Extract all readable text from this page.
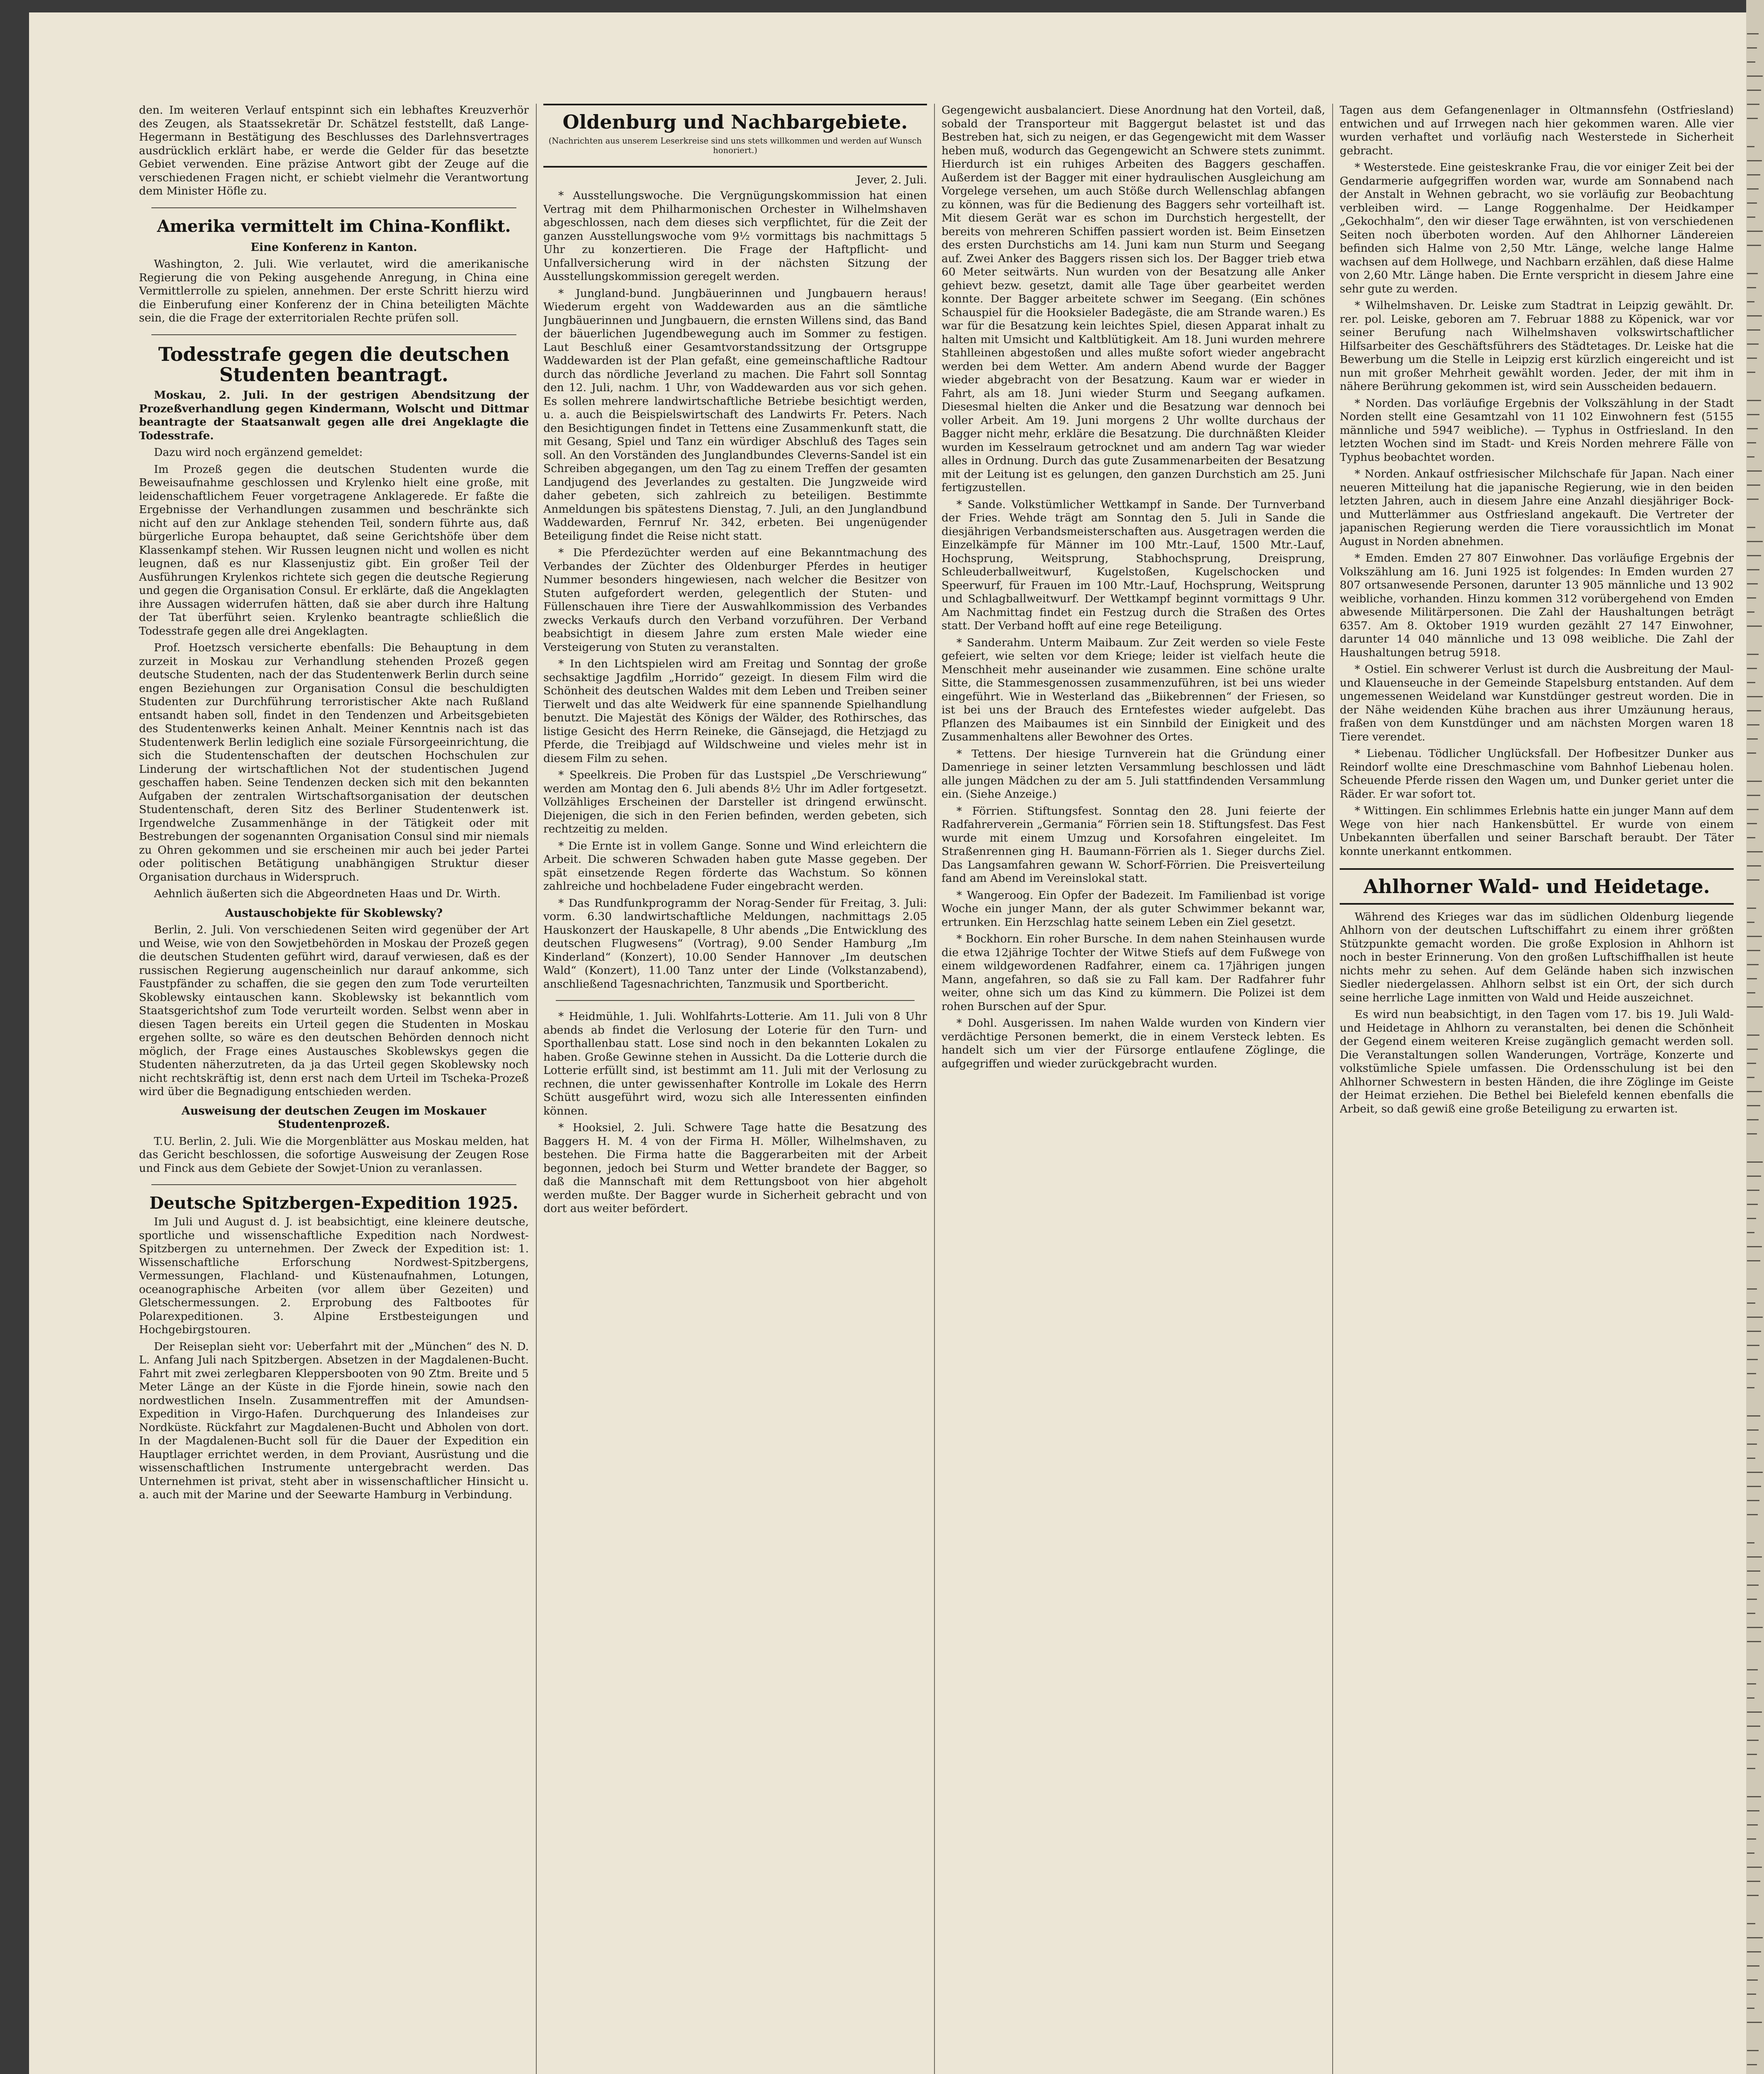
den. Im weiteren Verlauf entspinnt sich ein lebhaftes Kreuzverhör des Zeugen, als Staatssekretär Dr. Schätzel feststellt, daß Lange-Hegermann in Bestätigung des Beschlusses des Darlehnsvertrages ausdrücklich erklärt habe, er werde die Gelder für das besetzte Gebiet verwenden. Eine präzise Antwort gibt der Zeuge auf die verschiedenen Fragen nicht, er schiebt vielmehr die Verantwortung dem Minister Höfle zu.

Amerika vermittelt im China-Konflikt.
Eine Konferenz in Kanton.

Washington, 2. Juli. Wie verlautet, wird die amerikanische Regierung die von Peking ausgehende Anregung, in China eine Vermittlerrolle zu spielen, annehmen. Der erste Schritt hierzu wird die Einberufung einer Konferenz der in China beteiligten Mächte sein, die die Frage der exterritorialen Rechte prüfen soll.

Todesstrafe gegen die deutschen Studenten beantragt.

Moskau, 2. Juli. In der gestrigen Abendsitzung der Prozeßverhandlung gegen Kindermann, Wolscht und Dittmar beantragte der Staatsanwalt gegen alle drei Angeklagte die Todesstrafe.

Dazu wird noch ergänzend gemeldet:

Im Prozeß gegen die deutschen Studenten wurde die Beweisaufnahme geschlossen und Krylenko hielt eine große, mit leidenschaftlichem Feuer vorgetragene Anklagerede. Er faßte die Ergebnisse der Verhandlungen zusammen und beschränkte sich nicht auf den zur Anklage stehenden Teil, sondern führte aus, daß bürgerliche Europa behauptet, daß seine Gerichtshöfe über dem Klassenkampf stehen. Wir Russen leugnen nicht und wollen es nicht leugnen, daß es nur Klassenjustiz gibt. Ein großer Teil der Ausführungen Krylenkos richtete sich gegen die deutsche Regierung und gegen die Organisation Consul. Er erklärte, daß die Angeklagten ihre Aussagen widerrufen hätten, daß sie aber durch ihre Haltung der Tat überführt seien. Krylenko beantragte schließlich die Todesstrafe gegen alle drei Angeklagten.

Prof. Hoetzsch versicherte ebenfalls: Die Behauptung in dem zurzeit in Moskau zur Verhandlung stehenden Prozeß gegen deutsche Studenten, nach der das Studentenwerk Berlin durch seine engen Beziehungen zur Organisation Consul die beschuldigten Studenten zur Durchführung terroristischer Akte nach Rußland entsandt haben soll, findet in den Tendenzen und Arbeitsgebieten des Studentenwerks keinen Anhalt. Meiner Kenntnis nach ist das Studentenwerk Berlin lediglich eine soziale Fürsorgeeinrichtung, die sich die Studentenschaften der deutschen Hochschulen zur Linderung der wirtschaftlichen Not der studentischen Jugend geschaffen haben. Seine Tendenzen decken sich mit den bekannten Aufgaben der zentralen Wirtschaftsorganisation der deutschen Studentenschaft, deren Sitz des Berliner Studentenwerk ist. Irgendwelche Zusammenhänge in der Tätigkeit oder mit Bestrebungen der sogenannten Organisation Consul sind mir niemals zu Ohren gekommen und sie erscheinen mir auch bei jeder Partei oder politischen Betätigung unabhängigen Struktur dieser Organisation durchaus in Widerspruch.

Aehnlich äußerten sich die Abgeordneten Haas und Dr. Wirth.

Austauschobjekte für Skoblewsky?

Berlin, 2. Juli. Von verschiedenen Seiten wird gegenüber der Art und Weise, wie von den Sowjetbehörden in Moskau der Prozeß gegen die deutschen Studenten geführt wird, darauf verwiesen, daß es der russischen Regierung augenscheinlich nur darauf ankomme, sich Faustpfänder zu schaffen, die sie gegen den zum Tode verurteilten Skoblewsky eintauschen kann. Skoblewsky ist bekanntlich vom Staatsgerichtshof zum Tode verurteilt worden. Selbst wenn aber in diesen Tagen bereits ein Urteil gegen die Studenten in Moskau ergehen sollte, so wäre es den deutschen Behörden dennoch nicht möglich, der Frage eines Austausches Skoblewskys gegen die Studenten näherzutreten, da ja das Urteil gegen Skoblewsky noch nicht rechtskräftig ist, denn erst nach dem Urteil im Tscheka-Prozeß wird über die Begnadigung entschieden werden.

Ausweisung der deutschen Zeugen im Moskauer Studentenprozeß.

T.U. Berlin, 2. Juli. Wie die Morgenblätter aus Moskau melden, hat das Gericht beschlossen, die sofortige Ausweisung der Zeugen Rose und Finck aus dem Gebiete der Sowjet-Union zu veranlassen.

Deutsche Spitzbergen-Expedition 1925.

Im Juli und August d. J. ist beabsichtigt, eine kleinere deutsche, sportliche und wissenschaftliche Expedition nach Nordwest-Spitzbergen zu unternehmen. Der Zweck der Expedition ist: 1. Wissenschaftliche Erforschung Nordwest-Spitzbergens, Vermessungen, Flachland- und Küstenaufnahmen, Lotungen, oceanographische Arbeiten (vor allem über Gezeiten) und Gletschermessungen. 2. Erprobung des Faltbootes für Polarexpeditionen. 3. Alpine Erstbesteigungen und Hochgebirgstouren.

Der Reiseplan sieht vor: Ueberfahrt mit der „München“ des N. D. L. Anfang Juli nach Spitzbergen. Absetzen in der Magdalenen-Bucht. Fahrt mit zwei zerlegbaren Kleppersbooten von 90 Ztm. Breite und 5 Meter Länge an der Küste in die Fjorde hinein, sowie nach den nordwestlichen Inseln. Zusammentreffen mit der Amundsen-Expedition in Virgo-Hafen. Durchquerung des Inlandeises zur Nordküste. Rückfahrt zur Magdalenen-Bucht und Abholen von dort. In der Magdalenen-Bucht soll für die Dauer der Expedition ein Hauptlager errichtet werden, in dem Proviant, Ausrüstung und die wissenschaftlichen Instrumente untergebracht werden. Das Unternehmen ist privat, steht aber in wissenschaftlicher Hinsicht u. a. auch mit der Marine und der Seewarte Hamburg in Verbindung.

Oldenburg und Nachbargebiete.
(Nachrichten aus unserem Leserkreise sind uns stets willkommen und werden auf Wunsch honoriert.)
Jever, 2. Juli.

* Ausstellungswoche. Die Vergnügungskommission hat einen Vertrag mit dem Philharmonischen Orchester in Wilhelmshaven abgeschlossen, nach dem dieses sich verpflichtet, für die Zeit der ganzen Ausstellungswoche vom 9½ vormittags bis nachmittags 5 Uhr zu konzertieren. Die Frage der Haftpflicht- und Unfallversicherung wird in der nächsten Sitzung der Ausstellungskommission geregelt werden.

* Jungland-bund. Jungbäuerinnen und Jungbauern heraus! Wiederum ergeht von Waddewarden aus an die sämtliche Jungbäuerinnen und Jungbauern, die ernsten Willens sind, das Band der bäuerlichen Jugendbewegung auch im Sommer zu festigen. Laut Beschluß einer Gesamtvorstandssitzung der Ortsgruppe Waddewarden ist der Plan gefaßt, eine gemeinschaftliche Radtour durch das nördliche Jeverland zu machen. Die Fahrt soll Sonntag den 12. Juli, nachm. 1 Uhr, von Waddewarden aus vor sich gehen. Es sollen mehrere landwirtschaftliche Betriebe besichtigt werden, u. a. auch die Beispielswirtschaft des Landwirts Fr. Peters. Nach den Besichtigungen findet in Tettens eine Zusammenkunft statt, die mit Gesang, Spiel und Tanz ein würdiger Abschluß des Tages sein soll. An den Vorständen des Junglandbundes Cleverns-Sandel ist ein Schreiben abgegangen, um den Tag zu einem Treffen der gesamten Landjugend des Jeverlandes zu gestalten. Die Jungzweide wird daher gebeten, sich zahlreich zu beteiligen. Bestimmte Anmeldungen bis spätestens Dienstag, 7. Juli, an den Junglandbund Waddewarden, Fernruf Nr. 342, erbeten. Bei ungenügender Beteiligung findet die Reise nicht statt.

* Die Pferdezüchter werden auf eine Bekanntmachung des Verbandes der Züchter des Oldenburger Pferdes in heutiger Nummer besonders hingewiesen, nach welcher die Besitzer von Stuten aufgefordert werden, gelegentlich der Stuten- und Füllenschauen ihre Tiere der Auswahlkommission des Verbandes zwecks Verkaufs durch den Verband vorzuführen. Der Verband beabsichtigt in diesem Jahre zum ersten Male wieder eine Versteigerung von Stuten zu veranstalten.

* In den Lichtspielen wird am Freitag und Sonntag der große sechsaktige Jagdfilm „Horrido“ gezeigt. In diesem Film wird die Schönheit des deutschen Waldes mit dem Leben und Treiben seiner Tierwelt und das alte Weidwerk für eine spannende Spielhandlung benutzt. Die Majestät des Königs der Wälder, des Rothirsches, das listige Gesicht des Herrn Reineke, die Gänsejagd, die Hetzjagd zu Pferde, die Treibjagd auf Wildschweine und vieles mehr ist in diesem Film zu sehen.

* Speelkreis. Die Proben für das Lustspiel „De Verschriewung“ werden am Montag den 6. Juli abends 8½ Uhr im Adler fortgesetzt. Vollzähliges Erscheinen der Darsteller ist dringend erwünscht. Diejenigen, die sich in den Ferien befinden, werden gebeten, sich rechtzeitig zu melden.

* Die Ernte ist in vollem Gange. Sonne und Wind erleichtern die Arbeit. Die schweren Schwaden haben gute Masse gegeben. Der spät einsetzende Regen förderte das Wachstum. So können zahlreiche und hochbeladene Fuder eingebracht werden.

* Das Rundfunkprogramm der Norag-Sender für Freitag, 3. Juli: vorm. 6.30 landwirtschaftliche Meldungen, nachmittags 2.05 Hauskonzert der Hauskapelle, 8 Uhr abends „Die Entwicklung des deutschen Flugwesens“ (Vortrag), 9.00 Sender Hamburg „Im Kinderland“ (Konzert), 10.00 Sender Hannover „Im deutschen Wald“ (Konzert), 11.00 Tanz unter der Linde (Volkstanzabend), anschließend Tagesnachrichten, Tanzmusik und Sportbericht.

* Heidmühle, 1. Juli. Wohlfahrts-Lotterie. Am 11. Juli von 8 Uhr abends ab findet die Verlosung der Loterie für den Turn- und Sporthallenbau statt. Lose sind noch in den bekannten Lokalen zu haben. Große Gewinne stehen in Aussicht. Da die Lotterie durch die Lotterie erfüllt sind, ist bestimmt am 11. Juli mit der Verlosung zu rechnen, die unter gewissenhafter Kontrolle im Lokale des Herrn Schütt ausgeführt wird, wozu sich alle Interessenten einfinden können.

* Hooksiel, 2. Juli. Schwere Tage hatte die Besatzung des Baggers H. M. 4 von der Firma H. Möller, Wilhelmshaven, zu bestehen. Die Firma hatte die Baggerarbeiten mit der Arbeit begonnen, jedoch bei Sturm und Wetter brandete der Bagger, so daß die Mannschaft mit dem Rettungsboot von hier abgeholt werden mußte. Der Bagger wurde in Sicherheit gebracht und von dort aus weiter befördert.

Gegengewicht ausbalanciert. Diese Anordnung hat den Vorteil, daß, sobald der Transporteur mit Baggergut belastet ist und das Bestreben hat, sich zu neigen, er das Gegengewicht mit dem Wasser heben muß, wodurch das Gegengewicht an Schwere stets zunimmt. Hierdurch ist ein ruhiges Arbeiten des Baggers geschaffen. Außerdem ist der Bagger mit einer hydraulischen Ausgleichung am Vorgelege versehen, um auch Stöße durch Wellenschlag abfangen zu können, was für die Bedienung des Baggers sehr vorteilhaft ist. Mit diesem Gerät war es schon im Durchstich hergestellt, der bereits von mehreren Schiffen passiert worden ist. Beim Einsetzen des ersten Durchstichs am 14. Juni kam nun Sturm und Seegang auf. Zwei Anker des Baggers rissen sich los. Der Bagger trieb etwa 60 Meter seitwärts. Nun wurden von der Besatzung alle Anker gehievt bezw. gesetzt, damit alle Tage über gearbeitet werden konnte. Der Bagger arbeitete schwer im Seegang. (Ein schönes Schauspiel für die Hooksieler Badegäste, die am Strande waren.) Es war für die Besatzung kein leichtes Spiel, diesen Apparat inhalt zu halten mit Umsicht und Kaltblütigkeit. Am 18. Juni wurden mehrere Stahlleinen abgestoßen und alles mußte sofort wieder angebracht werden bei dem Wetter. Am andern Abend wurde der Bagger wieder abgebracht von der Besatzung. Kaum war er wieder in Fahrt, als am 18. Juni wieder Sturm und Seegang aufkamen. Diesesmal hielten die Anker und die Besatzung war dennoch bei voller Arbeit. Am 19. Juni morgens 2 Uhr wollte durchaus der Bagger nicht mehr, erkläre die Besatzung. Die durchnäßten Kleider wurden im Kesselraum getrocknet und am andern Tag war wieder alles in Ordnung. Durch das gute Zusammenarbeiten der Besatzung mit der Leitung ist es gelungen, den ganzen Durchstich am 25. Juni fertigzustellen.

* Sande. Volkstümlicher Wettkampf in Sande. Der Turnverband der Fries. Wehde trägt am Sonntag den 5. Juli in Sande die diesjährigen Verbandsmeisterschaften aus. Ausgetragen werden die Einzelkämpfe für Männer im 100 Mtr.-Lauf, 1500 Mtr.-Lauf, Hochsprung, Weitsprung, Stabhochsprung, Dreisprung, Schleuderballweitwurf, Kugelstoßen, Kugelschocken und Speerwurf, für Frauen im 100 Mtr.-Lauf, Hochsprung, Weitsprung und Schlagballweitwurf. Der Wettkampf beginnt vormittags 9 Uhr. Am Nachmittag findet ein Festzug durch die Straßen des Ortes statt. Der Verband hofft auf eine rege Beteiligung.

* Sanderahm. Unterm Maibaum. Zur Zeit werden so viele Feste gefeiert, wie selten vor dem Kriege; leider ist vielfach heute die Menschheit mehr auseinander wie zusammen. Eine schöne uralte Sitte, die Stammesgenossen zusammenzuführen, ist bei uns wieder eingeführt. Wie in Westerland das „Biikebrennen“ der Friesen, so ist bei uns der Brauch des Erntefestes wieder aufgelebt. Das Pflanzen des Maibaumes ist ein Sinnbild der Einigkeit und des Zusammenhaltens aller Bewohner des Ortes.

* Tettens. Der hiesige Turnverein hat die Gründung einer Damenriege in seiner letzten Versammlung beschlossen und lädt alle jungen Mädchen zu der am 5. Juli stattfindenden Versammlung ein. (Siehe Anzeige.)

* Förrien. Stiftungsfest. Sonntag den 28. Juni feierte der Radfahrerverein „Germania“ Förrien sein 18. Stiftungsfest. Das Fest wurde mit einem Umzug und Korsofahren eingeleitet. Im Straßenrennen ging H. Baumann-Förrien als 1. Sieger durchs Ziel. Das Langsamfahren gewann W. Schorf-Förrien. Die Preisverteilung fand am Abend im Vereinslokal statt.

* Wangeroog. Ein Opfer der Badezeit. Im Familienbad ist vorige Woche ein junger Mann, der als guter Schwimmer bekannt war, ertrunken. Ein Herzschlag hatte seinem Leben ein Ziel gesetzt.

* Bockhorn. Ein roher Bursche. In dem nahen Steinhausen wurde die etwa 12jährige Tochter der Witwe Stiefs auf dem Fußwege von einem wildgewordenen Radfahrer, einem ca. 17jährigen jungen Mann, angefahren, so daß sie zu Fall kam. Der Radfahrer fuhr weiter, ohne sich um das Kind zu kümmern. Die Polizei ist dem rohen Burschen auf der Spur.

* Dohl. Ausgerissen. Im nahen Walde wurden von Kindern vier verdächtige Personen bemerkt, die in einem Versteck lebten. Es handelt sich um vier der Fürsorge entlaufene Zöglinge, die aufgegriffen und wieder zurückgebracht wurden.

Tagen aus dem Gefangenenlager in Oltmannsfehn (Ostfriesland) entwichen und auf Irrwegen nach hier gekommen waren. Alle vier wurden verhaftet und vorläufig nach Westerstede in Sicherheit gebracht.

* Westerstede. Eine geisteskranke Frau, die vor einiger Zeit bei der Gendarmerie aufgegriffen worden war, wurde am Sonnabend nach der Anstalt in Wehnen gebracht, wo sie vorläufig zur Beobachtung verbleiben wird. — Lange Roggenhalme. Der Heidkamper „Gekochhalm“, den wir dieser Tage erwähnten, ist von verschiedenen Seiten noch überboten worden. Auf den Ahlhorner Ländereien befinden sich Halme von 2,50 Mtr. Länge, welche lange Halme wachsen auf dem Hollwege, und Nachbarn erzählen, daß diese Halme von 2,60 Mtr. Länge haben. Die Ernte verspricht in diesem Jahre eine sehr gute zu werden.

* Wilhelmshaven. Dr. Leiske zum Stadtrat in Leipzig gewählt. Dr. rer. pol. Leiske, geboren am 7. Februar 1888 zu Köpenick, war vor seiner Berufung nach Wilhelmshaven volkswirtschaftlicher Hilfsarbeiter des Geschäftsführers des Städtetages. Dr. Leiske hat die Bewerbung um die Stelle in Leipzig erst kürzlich eingereicht und ist nun mit großer Mehrheit gewählt worden. Jeder, der mit ihm in nähere Berührung gekommen ist, wird sein Ausscheiden bedauern.

* Norden. Das vorläufige Ergebnis der Volkszählung in der Stadt Norden stellt eine Gesamtzahl von 11 102 Einwohnern fest (5155 männliche und 5947 weibliche). — Typhus in Ostfriesland. In den letzten Wochen sind im Stadt- und Kreis Norden mehrere Fälle von Typhus beobachtet worden.

* Norden. Ankauf ostfriesischer Milchschafe für Japan. Nach einer neueren Mitteilung hat die japanische Regierung, wie in den beiden letzten Jahren, auch in diesem Jahre eine Anzahl diesjähriger Bock- und Mutterlämmer aus Ostfriesland angekauft. Die Vertreter der japanischen Regierung werden die Tiere voraussichtlich im Monat August in Norden abnehmen.

* Emden. Emden 27 807 Einwohner. Das vorläufige Ergebnis der Volkszählung am 16. Juni 1925 ist folgendes: In Emden wurden 27 807 ortsanwesende Personen, darunter 13 905 männliche und 13 902 weibliche, vorhanden. Hinzu kommen 312 vorübergehend von Emden abwesende Militärpersonen. Die Zahl der Haushaltungen beträgt 6357. Am 8. Oktober 1919 wurden gezählt 27 147 Einwohner, darunter 14 040 männliche und 13 098 weibliche. Die Zahl der Haushaltungen betrug 5918.

* Ostiel. Ein schwerer Verlust ist durch die Ausbreitung der Maul- und Klauenseuche in der Gemeinde Stapelsburg entstanden. Auf dem ungemessenen Weideland war Kunstdünger gestreut worden. Die in der Nähe weidenden Kühe brachen aus ihrer Umzäunung heraus, fraßen von dem Kunstdünger und am nächsten Morgen waren 18 Tiere verendet.

* Liebenau. Tödlicher Unglücksfall. Der Hofbesitzer Dunker aus Reindorf wollte eine Dreschmaschine vom Bahnhof Liebenau holen. Scheuende Pferde rissen den Wagen um, und Dunker geriet unter die Räder. Er war sofort tot.

* Wittingen. Ein schlimmes Erlebnis hatte ein junger Mann auf dem Wege von hier nach Hankensbüttel. Er wurde von einem Unbekannten überfallen und seiner Barschaft beraubt. Der Täter konnte unerkannt entkommen.

Ahlhorner Wald- und Heidetage.

Während des Krieges war das im südlichen Oldenburg liegende Ahlhorn von der deutschen Luftschiffahrt zu einem ihrer größten Stützpunkte gemacht worden. Die große Explosion in Ahlhorn ist noch in bester Erinnerung. Von den großen Luftschiffhallen ist heute nichts mehr zu sehen. Auf dem Gelände haben sich inzwischen Siedler niedergelassen. Ahlhorn selbst ist ein Ort, der sich durch seine herrliche Lage inmitten von Wald und Heide auszeichnet.

Es wird nun beabsichtigt, in den Tagen vom 17. bis 19. Juli Wald- und Heidetage in Ahlhorn zu veranstalten, bei denen die Schönheit der Gegend einem weiteren Kreise zugänglich gemacht werden soll. Die Veranstaltungen sollen Wanderungen, Vorträge, Konzerte und volkstümliche Spiele umfassen. Die Ordensschulung ist bei den Ahlhorner Schwestern in besten Händen, die ihre Zöglinge im Geiste der Heimat erziehen. Die Bethel bei Bielefeld kennen ebenfalls die Arbeit, so daß gewiß eine große Beteiligung zu erwarten ist.
